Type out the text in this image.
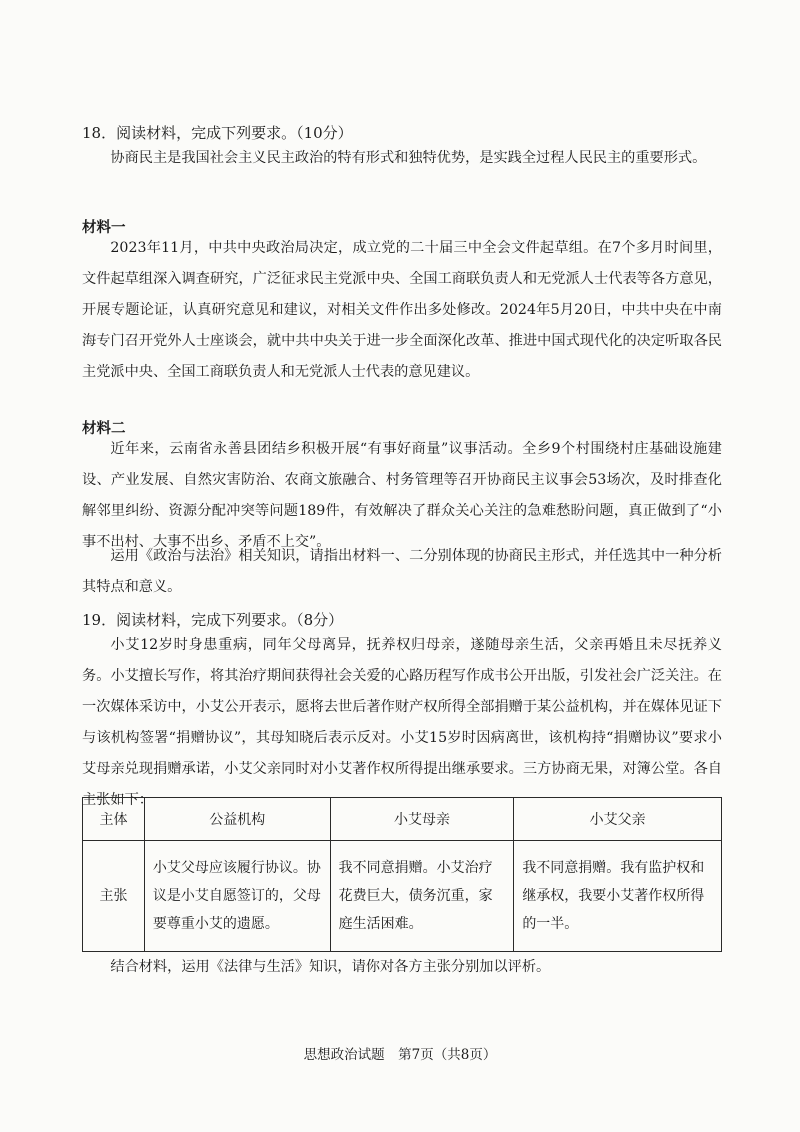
18．阅读材料，完成下列要求。（10分）

协商民主是我国社会主义民主政治的特有形式和独特优势，是实践全过程人民民主的重要形式。

材料一

2023年11月，中共中央政治局决定，成立党的二十届三中全会文件起草组。在7个多月时间里，文件起草组深入调查研究，广泛征求民主党派中央、全国工商联负责人和无党派人士代表等各方意见，开展专题论证，认真研究意见和建议，对相关文件作出多处修改。2024年5月20日，中共中央在中南海专门召开党外人士座谈会，就中共中央关于进一步全面深化改革、推进中国式现代化的决定听取各民主党派中央、全国工商联负责人和无党派人士代表的意见建议。

材料二

近年来，云南省永善县团结乡积极开展“有事好商量”议事活动。全乡9个村围绕村庄基础设施建设、产业发展、自然灾害防治、农商文旅融合、村务管理等召开协商民主议事会53场次，及时排查化解邻里纠纷、资源分配冲突等问题189件，有效解决了群众关心关注的急难愁盼问题，真正做到了“小事不出村、大事不出乡、矛盾不上交”。

运用《政治与法治》相关知识，请指出材料一、二分别体现的协商民主形式，并任选其中一种分析其特点和意义。

19．阅读材料，完成下列要求。（8分）

小艾12岁时身患重病，同年父母离异，抚养权归母亲，遂随母亲生活，父亲再婚且未尽抚养义务。小艾擅长写作，将其治疗期间获得社会关爱的心路历程写作成书公开出版，引发社会广泛关注。在一次媒体采访中，小艾公开表示，愿将去世后著作财产权所得全部捐赠于某公益机构，并在媒体见证下与该机构签署“捐赠协议”，其母知晓后表示反对。小艾15岁时因病离世，该机构持“捐赠协议”要求小艾母亲兑现捐赠承诺，小艾父亲同时对小艾著作权所得提出继承要求。三方协商无果，对簿公堂。各自主张如下：

主体	公益机构	小艾母亲	小艾父亲
主张	小艾父母应该履行协议。协议是小艾自愿签订的，父母要尊重小艾的遗愿。	我不同意捐赠。小艾治疗花费巨大，债务沉重，家庭生活困难。	我不同意捐赠。我有监护权和继承权，我要小艾著作权所得的一半。

结合材料，运用《法律与生活》知识，请你对各方主张分别加以评析。

思想政治试题　第7页（共8页）
